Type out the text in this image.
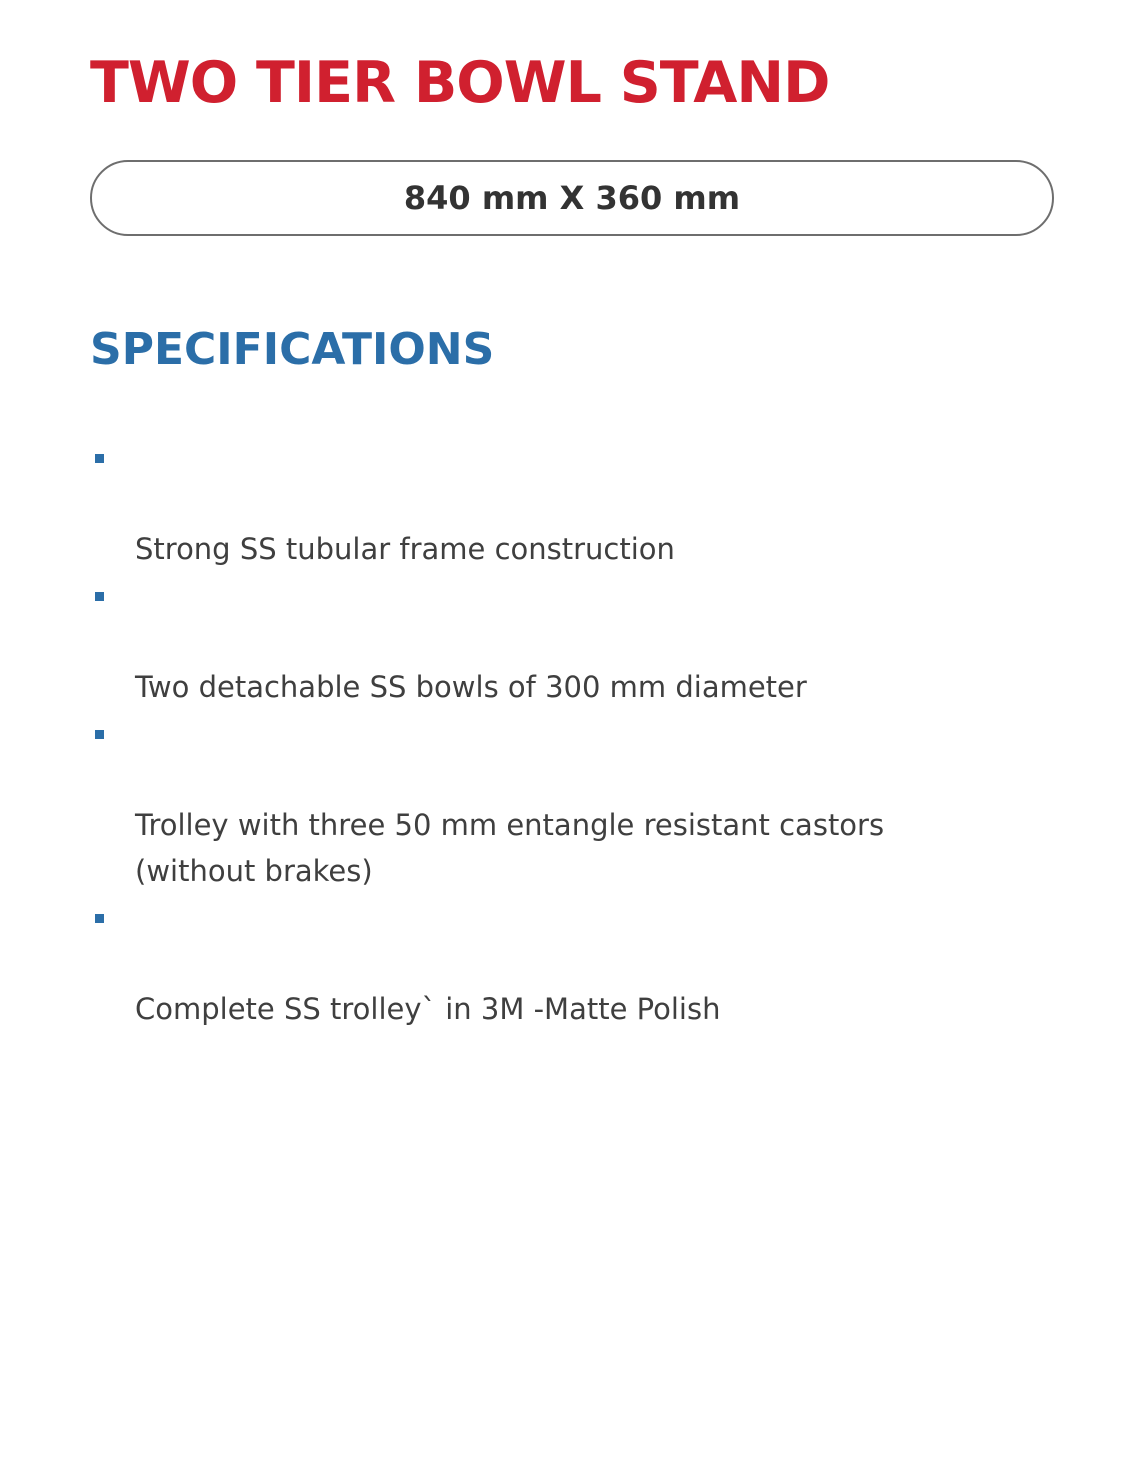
TWO TIER BOWL STAND
840 mm X 360 mm
SPECIFICATIONS

Strong SS tubular frame construction

Two detachable SS bowls of 300 mm diameter

Trolley with three 50 mm entangle resistant castors
(without brakes)

Complete SS trolley` in 3M -Matte Polish
